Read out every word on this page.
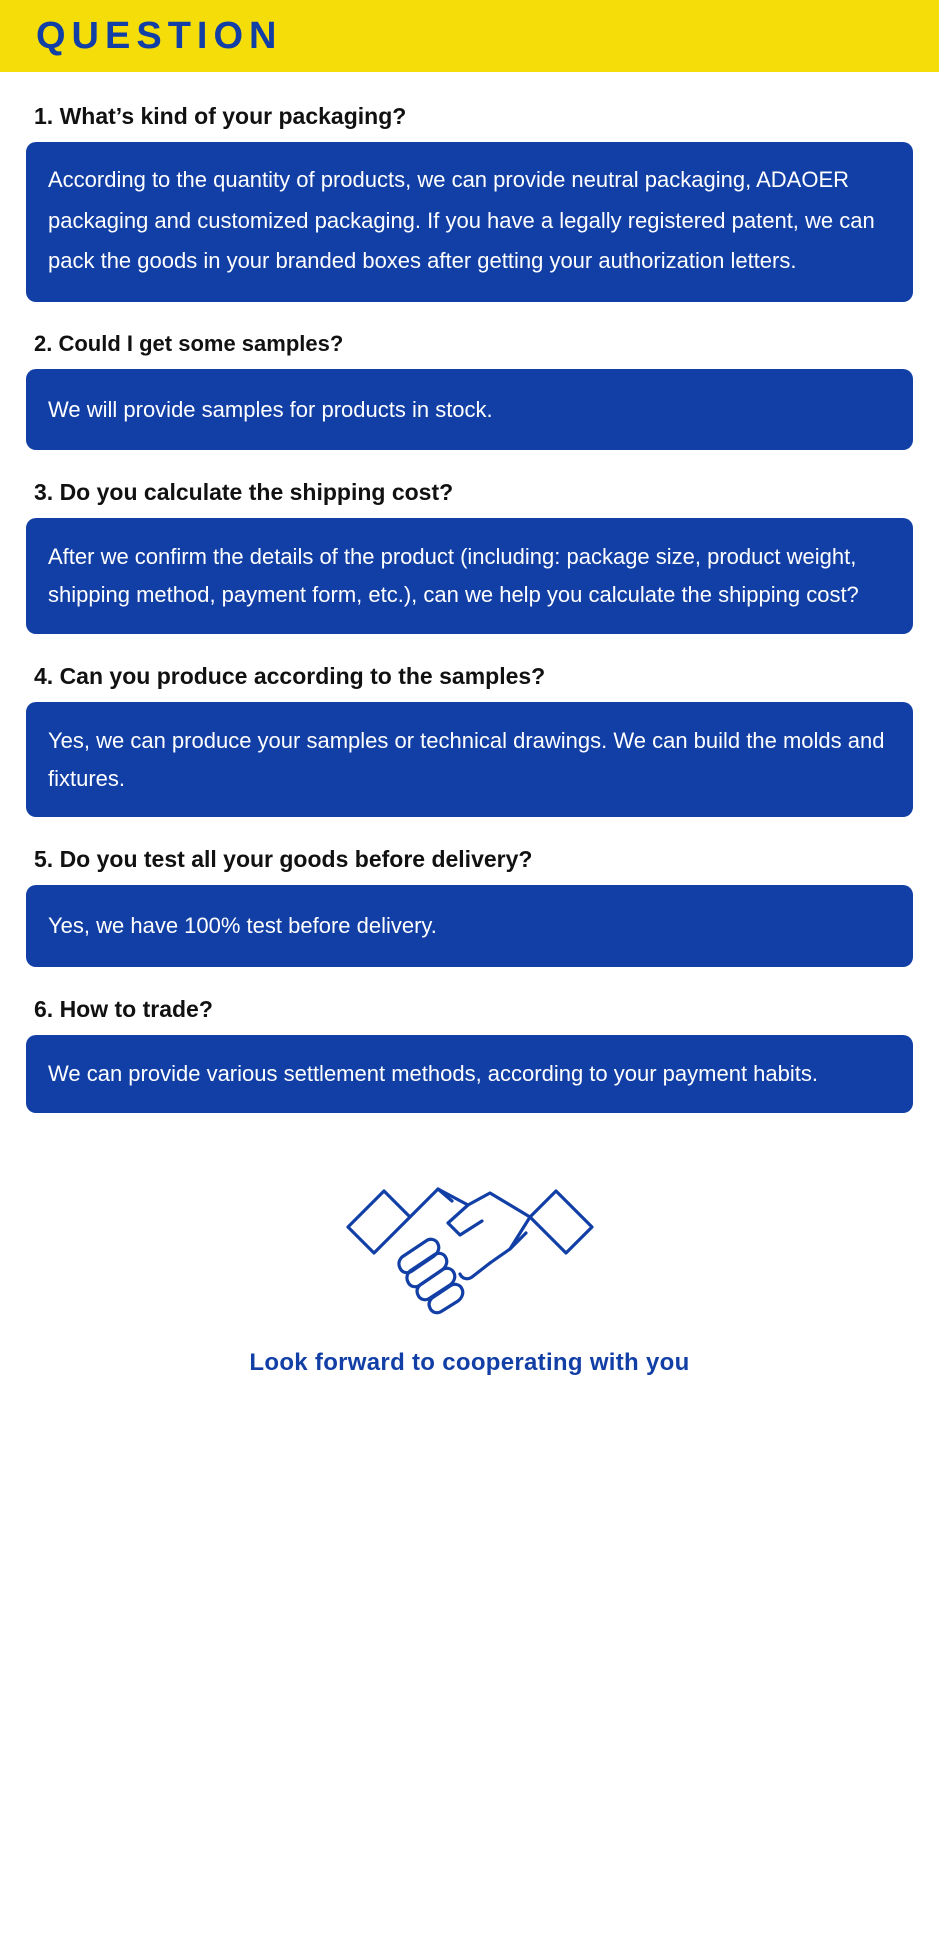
QUESTION
1. What’s kind of your packaging?

According to the quantity of products, we can provide neutral packaging, ADAOER packaging and customized packaging. If you have a legally registered patent, we can pack the goods in your branded boxes after getting your authorization letters.

2. Could I get some samples?

We will provide samples for products in stock.

3. Do you calculate the shipping cost?

After we confirm the details of the product (including: package size, product weight, shipping method, payment form, etc.), can we help you calculate the shipping cost?

4. Can you produce according to the samples?

Yes, we can produce your samples or technical drawings. We can build the molds and fixtures.

5. Do you test all your goods before delivery?

Yes, we have 100% test before delivery.

6. How to trade?

We can provide various settlement methods, according to your payment habits.

Look forward to cooperating with you
